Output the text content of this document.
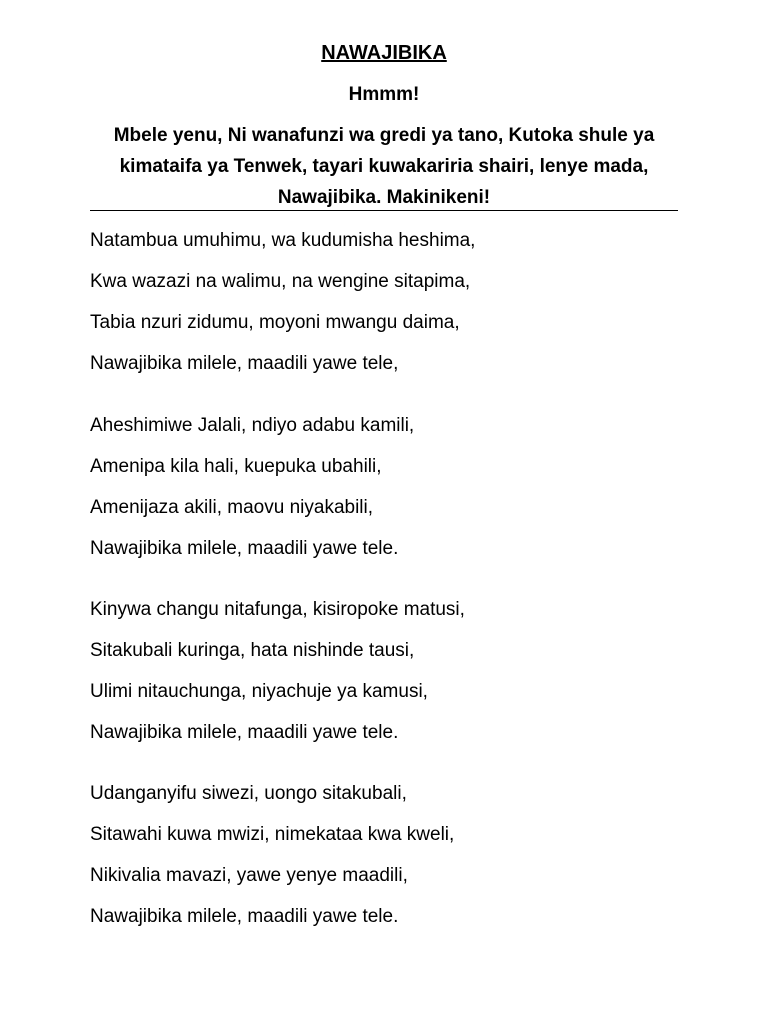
NAWAJIBIKA
Hmmm!
Mbele yenu, Ni wanafunzi wa gredi ya tano, Kutoka shule ya kimataifa ya Tenwek, tayari kuwakariria shairi, lenye mada, Nawajibika. Makinikeni!
Natambua umuhimu, wa kudumisha heshima,
Kwa wazazi na walimu, na wengine sitapima,
Tabia nzuri zidumu, moyoni mwangu daima,
Nawajibika milele, maadili yawe tele,
Aheshimiwe Jalali, ndiyo adabu kamili,
Amenipa kila hali, kuepuka ubahili,
Amenijaza akili, maovu niyakabili,
Nawajibika milele, maadili yawe tele.
Kinywa changu nitafunga, kisiropoke matusi,
Sitakubali kuringa, hata nishinde tausi,
Ulimi nitauchunga, niyachuje ya kamusi,
Nawajibika milele, maadili yawe tele.
Udanganyifu siwezi, uongo sitakubali,
Sitawahi kuwa mwizi, nimekataa kwa kweli,
Nikivalia mavazi, yawe yenye maadili,
Nawajibika milele, maadili yawe tele.
